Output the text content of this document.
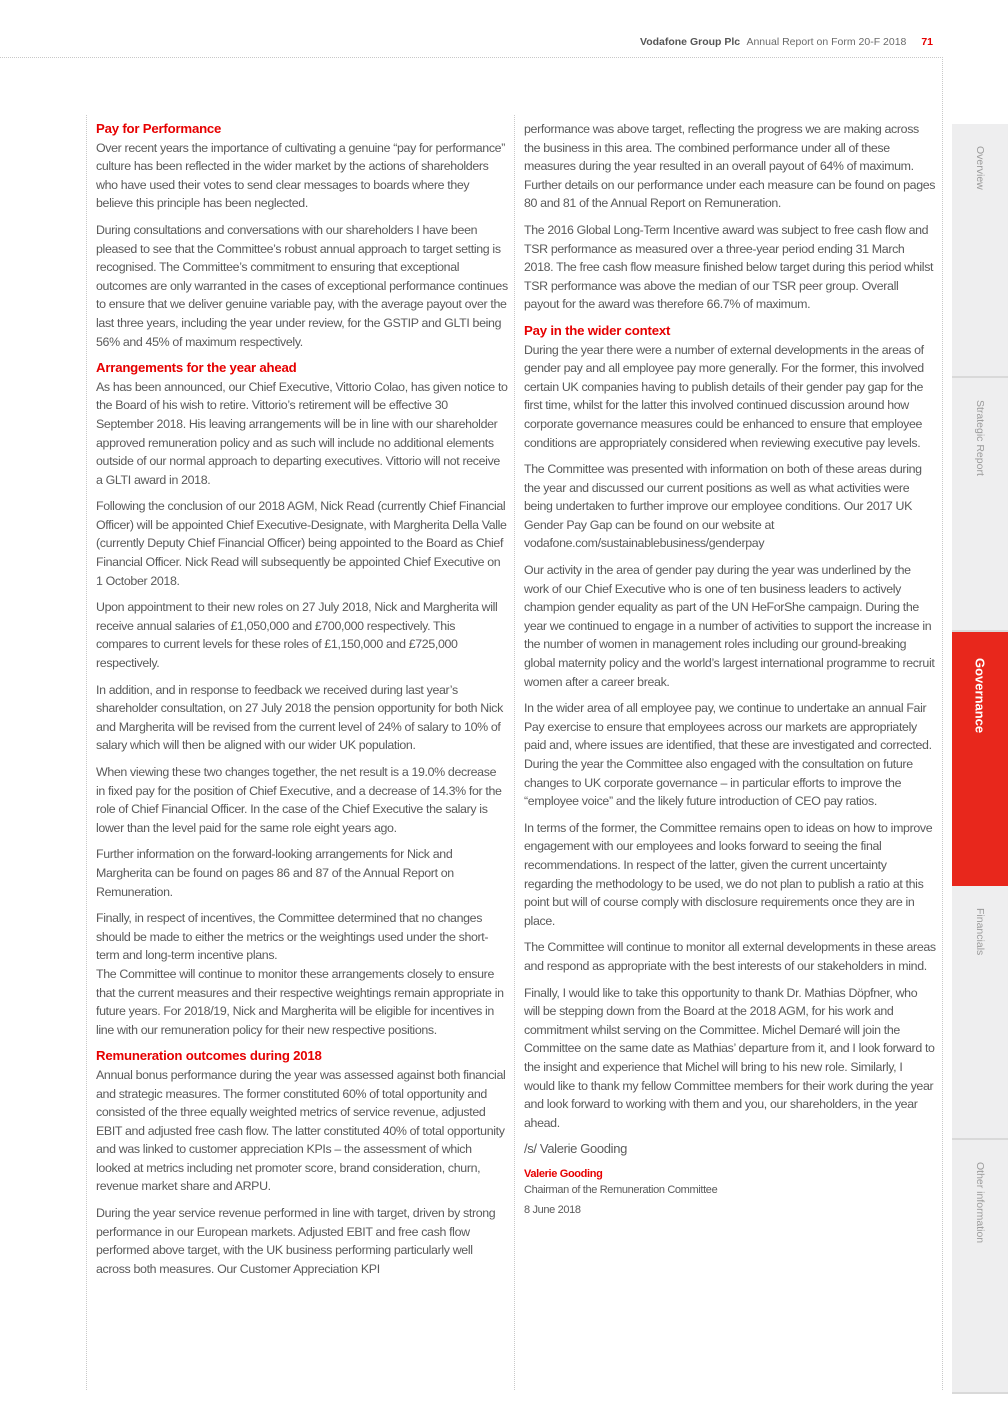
Vodafone Group Plc Annual Report on Form 20-F 2018 71
Pay for Performance

Over recent years the importance of cultivating a genuine “pay for performance” culture has been reflected in the wider market by the actions of shareholders who have used their votes to send clear messages to boards where they believe this principle has been neglected.

During consultations and conversations with our shareholders I have been pleased to see that the Committee’s robust annual approach to target setting is recognised. The Committee’s commitment to ensuring that exceptional outcomes are only warranted in the cases of exceptional performance continues to ensure that we deliver genuine variable pay, with the average payout over the last three years, including the year under review, for the GSTIP and GLTI being 56% and 45% of maximum respectively.

Arrangements for the year ahead

As has been announced, our Chief Executive, Vittorio Colao, has given notice to the Board of his wish to retire. Vittorio’s retirement will be effective 30 September 2018. His leaving arrangements will be in line with our shareholder approved remuneration policy and as such will include no additional elements outside of our normal approach to departing executives. Vittorio will not receive a GLTI award in 2018.

Following the conclusion of our 2018 AGM, Nick Read (currently Chief Financial Officer) will be appointed Chief Executive-Designate, with Margherita Della Valle (currently Deputy Chief Financial Officer) being appointed to the Board as Chief Financial Officer. Nick Read will subsequently be appointed Chief Executive on 1 October 2018.

Upon appointment to their new roles on 27 July 2018, Nick and Margherita will receive annual salaries of £1,050,000 and £700,000 respectively. This compares to current levels for these roles of £1,150,000 and £725,000 respectively.

In addition, and in response to feedback we received during last year’s shareholder consultation, on 27 July 2018 the pension opportunity for both Nick and Margherita will be revised from the current level of 24% of salary to 10% of salary which will then be aligned with our wider UK population.

When viewing these two changes together, the net result is a 19.0% decrease in fixed pay for the position of Chief Executive, and a decrease of 14.3% for the role of Chief Financial Officer. In the case of the Chief Executive the salary is lower than the level paid for the same role eight years ago.

Further information on the forward-looking arrangements for Nick and Margherita can be found on pages 86 and 87 of the Annual Report on Remuneration.

Finally, in respect of incentives, the Committee determined that no changes should be made to either the metrics or the weightings used under the short-term and long-term incentive plans.

The Committee will continue to monitor these arrangements closely to ensure that the current measures and their respective weightings remain appropriate in future years. For 2018/19, Nick and Margherita will be eligible for incentives in line with our remuneration policy for their new respective positions.

Remuneration outcomes during 2018

Annual bonus performance during the year was assessed against both financial and strategic measures. The former constituted 60% of total opportunity and consisted of the three equally weighted metrics of service revenue, adjusted EBIT and adjusted free cash flow. The latter constituted 40% of total opportunity and was linked to customer appreciation KPIs – the assessment of which looked at metrics including net promoter score, brand consideration, churn, revenue market share and ARPU.

During the year service revenue performed in line with target, driven by strong performance in our European markets. Adjusted EBIT and free cash flow performed above target, with the UK business performing particularly well across both measures. Our Customer Appreciation KPI

performance was above target, reflecting the progress we are making across the business in this area. The combined performance under all of these measures during the year resulted in an overall payout of 64% of maximum. Further details on our performance under each measure can be found on pages 80 and 81 of the Annual Report on Remuneration.

The 2016 Global Long-Term Incentive award was subject to free cash flow and TSR performance as measured over a three-year period ending 31 March 2018. The free cash flow measure finished below target during this period whilst TSR performance was above the median of our TSR peer group. Overall payout for the award was therefore 66.7% of maximum.

Pay in the wider context

During the year there were a number of external developments in the areas of gender pay and all employee pay more generally. For the former, this involved certain UK companies having to publish details of their gender pay gap for the first time, whilst for the latter this involved continued discussion around how corporate governance measures could be enhanced to ensure that employee conditions are appropriately considered when reviewing executive pay levels.

The Committee was presented with information on both of these areas during the year and discussed our current positions as well as what activities were being undertaken to further improve our employee conditions. Our 2017 UK Gender Pay Gap can be found on our website at vodafone.com/sustainablebusiness/genderpay

Our activity in the area of gender pay during the year was underlined by the work of our Chief Executive who is one of ten business leaders to actively champion gender equality as part of the UN HeForShe campaign. During the year we continued to engage in a number of activities to support the increase in the number of women in management roles including our ground-breaking global maternity policy and the world’s largest international programme to recruit women after a career break.

In the wider area of all employee pay, we continue to undertake an annual Fair Pay exercise to ensure that employees across our markets are appropriately paid and, where issues are identified, that these are investigated and corrected. During the year the Committee also engaged with the consultation on future changes to UK corporate governance – in particular efforts to improve the “employee voice” and the likely future introduction of CEO pay ratios.

In terms of the former, the Committee remains open to ideas on how to improve engagement with our employees and looks forward to seeing the final recommendations. In respect of the latter, given the current uncertainty regarding the methodology to be used, we do not plan to publish a ratio at this point but will of course comply with disclosure requirements once they are in place.

The Committee will continue to monitor all external developments in these areas and respond as appropriate with the best interests of our stakeholders in mind.

Finally, I would like to take this opportunity to thank Dr. Mathias Döpfner, who will be stepping down from the Board at the 2018 AGM, for his work and commitment whilst serving on the Committee. Michel Demaré will join the Committee on the same date as Mathias’ departure from it, and I look forward to the insight and experience that Michel will bring to his new role. Similarly, I would like to thank my fellow Committee members for their work during the year and look forward to working with them and you, our shareholders, in the year ahead.

/s/ Valerie Gooding
Valerie Gooding
Chairman of the Remuneration Committee
8 June 2018
Overview
Strategic Report
Governance
Financials
Other information
